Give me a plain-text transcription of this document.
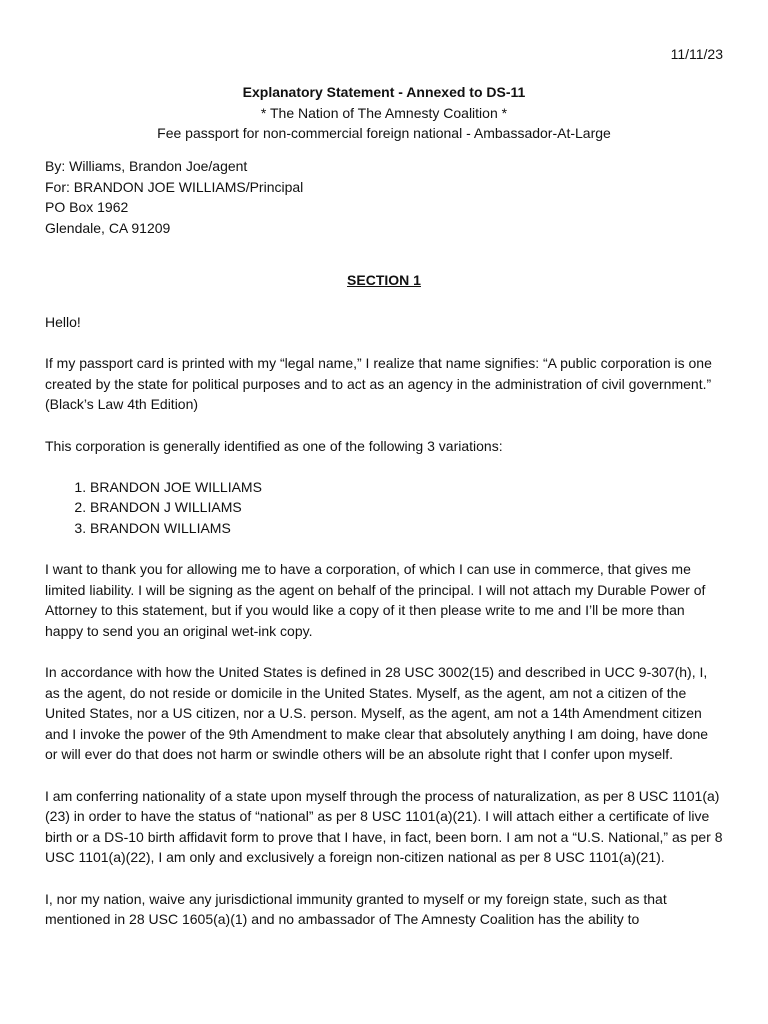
11/11/23

Explanatory Statement - Annexed to DS-11

* The Nation of The Amnesty Coalition *

Fee passport for non-commercial foreign national - Ambassador-At-Large

By: Williams, Brandon Joe/agent

For: BRANDON JOE WILLIAMS/Principal

PO Box 1962

Glendale, CA 91209

SECTION 1

Hello!

If my passport card is printed with my “legal name,” I realize that name signifies: “A public corporation is one created by the state for political purposes and to act as an agency in the administration of civil government.” (Black’s Law 4th Edition)

This corporation is generally identified as one of the following 3 variations:

1. BRANDON JOE WILLIAMS
2. BRANDON J WILLIAMS
3. BRANDON WILLIAMS

I want to thank you for allowing me to have a corporation, of which I can use in commerce, that gives me limited liability. I will be signing as the agent on behalf of the principal. I will not attach my Durable Power of Attorney to this statement, but if you would like a copy of it then please write to me and I’ll be more than happy to send you an original wet-ink copy.

In accordance with how the United States is defined in 28 USC 3002(15) and described in UCC 9-307(h), I, as the agent, do not reside or domicile in the United States. Myself, as the agent, am not a citizen of the United States, nor a US citizen, nor a U.S. person. Myself, as the agent, am not a 14th Amendment citizen and I invoke the power of the 9th Amendment to make clear that absolutely anything I am doing, have done or will ever do that does not harm or swindle others will be an absolute right that I confer upon myself.

I am conferring nationality of a state upon myself through the process of naturalization, as per 8 USC 1101(a)(23) in order to have the status of “national” as per 8 USC 1101(a)(21). I will attach either a certificate of live birth or a DS-10 birth affidavit form to prove that I have, in fact, been born. I am not a “U.S. National,” as per 8 USC 1101(a)(22), I am only and exclusively a foreign non-citizen national as per 8 USC 1101(a)(21).

I, nor my nation, waive any jurisdictional immunity granted to myself or my foreign state, such as that mentioned in 28 USC 1605(a)(1) and no ambassador of The Amnesty Coalition has the ability to
